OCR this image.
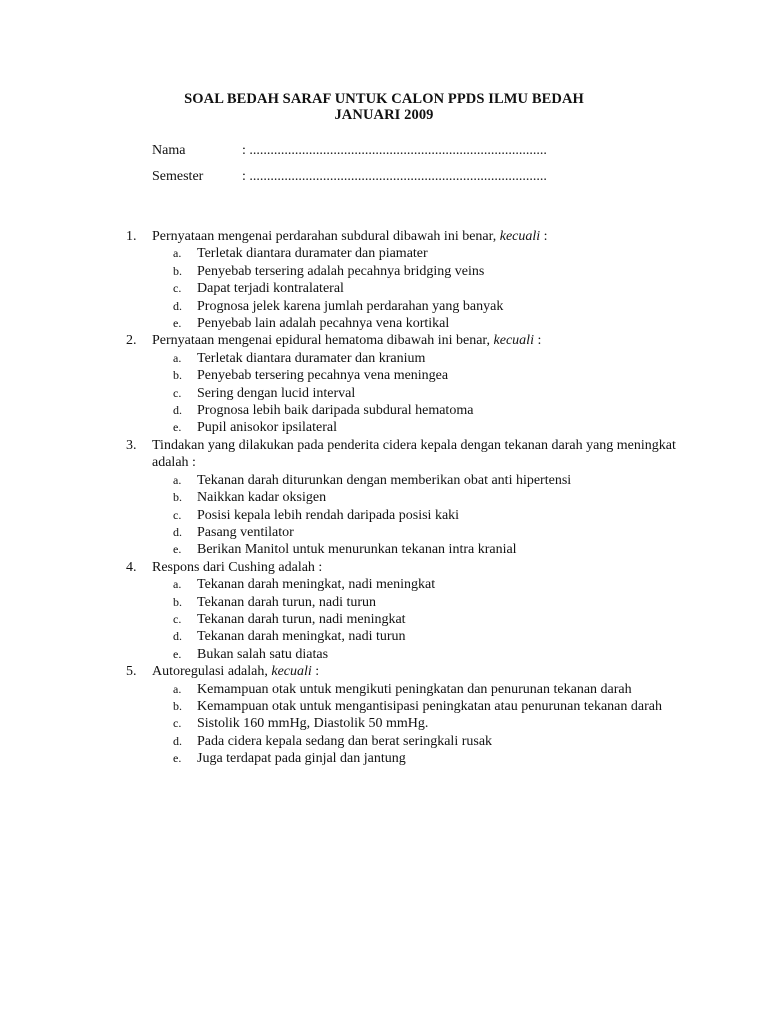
SOAL BEDAH SARAF UNTUK CALON PPDS ILMU BEDAH
JANUARI 2009
Nama	: .....................................................................................
Semester	: .....................................................................................
1.	Pernyataan mengenai perdarahan subdural dibawah ini benar, kecuali :
a. Terletak diantara duramater dan piamater
b. Penyebab tersering adalah pecahnya bridging veins
c. Dapat terjadi kontralateral
d. Prognosa jelek karena jumlah perdarahan yang banyak
e. Penyebab lain adalah pecahnya vena kortikal
2.	Pernyataan mengenai epidural hematoma dibawah ini benar, kecuali :
a. Terletak diantara duramater dan kranium
b. Penyebab tersering pecahnya vena meningea
c. Sering dengan lucid interval
d. Prognosa lebih baik daripada subdural hematoma
e. Pupil anisokor ipsilateral
3.	Tindakan yang dilakukan pada penderita cidera kepala dengan tekanan darah yang meningkat adalah :
a. Tekanan darah diturunkan dengan memberikan obat anti hipertensi
b. Naikkan kadar oksigen
c. Posisi kepala lebih rendah daripada posisi kaki
d. Pasang ventilator
e. Berikan Manitol untuk menurunkan tekanan intra kranial
4.	Respons dari Cushing adalah :
a. Tekanan darah meningkat, nadi meningkat
b. Tekanan darah turun, nadi turun
c. Tekanan darah turun, nadi meningkat
d. Tekanan darah meningkat, nadi turun
e. Bukan salah satu diatas
5.	Autoregulasi adalah, kecuali :
a. Kemampuan otak untuk mengikuti peningkatan dan penurunan tekanan darah
b. Kemampuan otak untuk mengantisipasi peningkatan atau penurunan tekanan darah
c. Sistolik 160 mmHg, Diastolik 50 mmHg.
d. Pada cidera kepala sedang dan berat seringkali rusak
e. Juga terdapat pada ginjal dan jantung
